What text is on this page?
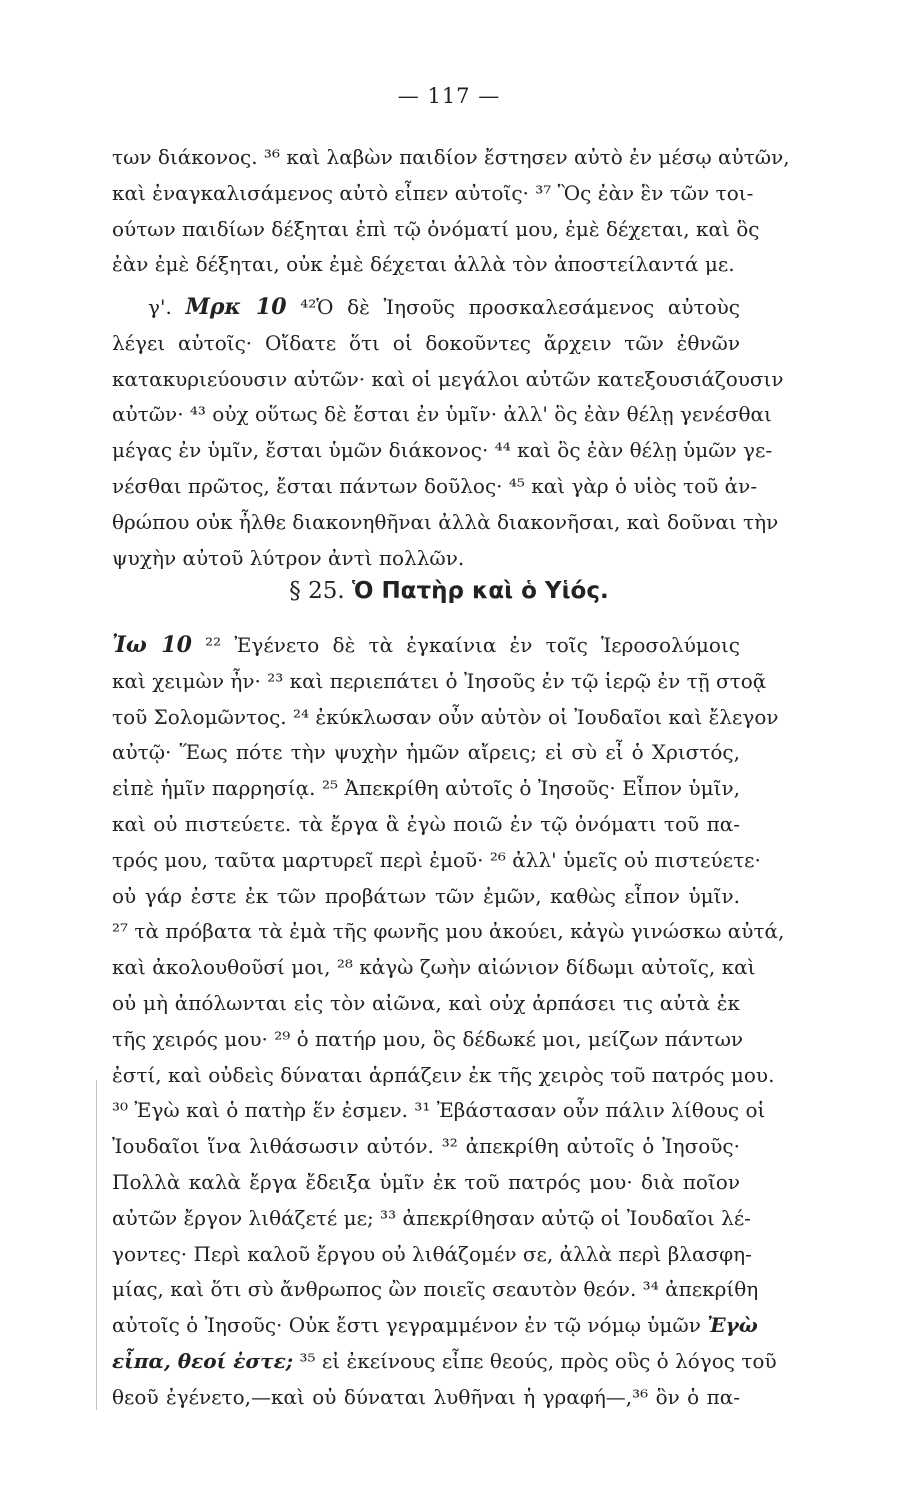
— 117 —
των διάκονος. ³⁶ καὶ λαβὼν παιδίον ἔστησεν αὐτὸ ἐν μέσῳ αὐτῶν,
καὶ ἐναγκαλισάμενος αὐτὸ εἶπεν αὐτοῖς· ³⁷ Ὃς ἐὰν ἓν τῶν τοι-
ούτων παιδίων δέξηται ἐπὶ τῷ ὀνόματί μου, ἐμὲ δέχεται, καὶ ὃς
ἐὰν ἐμὲ δέξηται, οὐκ ἐμὲ δέχεται ἀλλὰ τὸν ἀποστείλαντά με.
γ'. Μρκ 10 ⁴²Ὁ δὲ Ἰησοῦς προσκαλεσάμενος αὐτοὺς
λέγει αὐτοῖς· Οἴδατε ὅτι οἱ δοκοῦντες ἄρχειν τῶν ἐθνῶν
κατακυριεύουσιν αὐτῶν· καὶ οἱ μεγάλοι αὐτῶν κατεξουσιάζουσιν
αὐτῶν· ⁴³ οὐχ οὕτως δὲ ἔσται ἐν ὑμῖν· ἀλλ' ὃς ἐὰν θέλῃ γενέσθαι
μέγας ἐν ὑμῖν, ἔσται ὑμῶν διάκονος· ⁴⁴ καὶ ὃς ἐὰν θέλῃ ὑμῶν γε-
νέσθαι πρῶτος, ἔσται πάντων δοῦλος· ⁴⁵ καὶ γὰρ ὁ υἱὸς τοῦ ἀν-
θρώπου οὐκ ἦλθε διακονηθῆναι ἀλλὰ διακονῆσαι, καὶ δοῦναι τὴν
ψυχὴν αὐτοῦ λύτρον ἀντὶ πολλῶν.
§ 25. Ὁ Πατὴρ καὶ ὁ Υἱός.
Ἰω 10 ²² Ἐγένετο δὲ τὰ ἐγκαίνια ἐν τοῖς Ἱεροσολύμοις
καὶ χειμὼν ἦν· ²³ καὶ περιεπάτει ὁ Ἰησοῦς ἐν τῷ ἱερῷ ἐν τῇ στοᾷ
τοῦ Σολομῶντος. ²⁴ ἐκύκλωσαν οὖν αὐτὸν οἱ Ἰουδαῖοι καὶ ἔλεγον
αὐτῷ· Ἕως πότε τὴν ψυχὴν ἡμῶν αἴρεις; εἰ σὺ εἶ ὁ Χριστός,
εἰπὲ ἡμῖν παρρησίᾳ. ²⁵ Ἀπεκρίθη αὐτοῖς ὁ Ἰησοῦς· Εἶπον ὑμῖν,
καὶ οὐ πιστεύετε. τὰ ἔργα ἃ ἐγὼ ποιῶ ἐν τῷ ὀνόματι τοῦ πα-
τρός μου, ταῦτα μαρτυρεῖ περὶ ἐμοῦ· ²⁶ ἀλλ' ὑμεῖς οὐ πιστεύετε·
οὐ γάρ ἐστε ἐκ τῶν προβάτων τῶν ἐμῶν, καθὼς εἶπον ὑμῖν.
²⁷ τὰ πρόβατα τὰ ἐμὰ τῆς φωνῆς μου ἀκούει, κἀγὼ γινώσκω αὐτά,
καὶ ἀκολουθοῦσί μοι, ²⁸ κἀγὼ ζωὴν αἰώνιον δίδωμι αὐτοῖς, καὶ
οὐ μὴ ἀπόλωνται εἰς τὸν αἰῶνα, καὶ οὐχ ἁρπάσει τις αὐτὰ ἐκ
τῆς χειρός μου· ²⁹ ὁ πατήρ μου, ὃς δέδωκέ μοι, μείζων πάντων
ἐστί, καὶ οὐδεὶς δύναται ἁρπάζειν ἐκ τῆς χειρὸς τοῦ πατρός μου.
³⁰ Ἐγὼ καὶ ὁ πατὴρ ἕν ἐσμεν. ³¹ Ἐβάστασαν οὖν πάλιν λίθους οἱ
Ἰουδαῖοι ἵνα λιθάσωσιν αὐτόν. ³² ἀπεκρίθη αὐτοῖς ὁ Ἰησοῦς·
Πολλὰ καλὰ ἔργα ἔδειξα ὑμῖν ἐκ τοῦ πατρός μου· διὰ ποῖον
αὐτῶν ἔργον λιθάζετέ με; ³³ ἀπεκρίθησαν αὐτῷ οἱ Ἰουδαῖοι λέ-
γοντες· Περὶ καλοῦ ἔργου οὐ λιθάζομέν σε, ἀλλὰ περὶ βλασφη-
μίας, καὶ ὅτι σὺ ἄνθρωπος ὢν ποιεῖς σεαυτὸν θεόν. ³⁴ ἀπεκρίθη
αὐτοῖς ὁ Ἰησοῦς· Οὐκ ἔστι γεγραμμένον ἐν τῷ νόμῳ ὑμῶν Ἐγὼ
εἶπα, θεοί ἐστε; ³⁵ εἰ ἐκείνους εἶπε θεούς, πρὸς οὓς ὁ λόγος τοῦ
θεοῦ ἐγένετο,—καὶ οὐ δύναται λυθῆναι ἡ γραφή—,³⁶ ὃν ὁ πα-
